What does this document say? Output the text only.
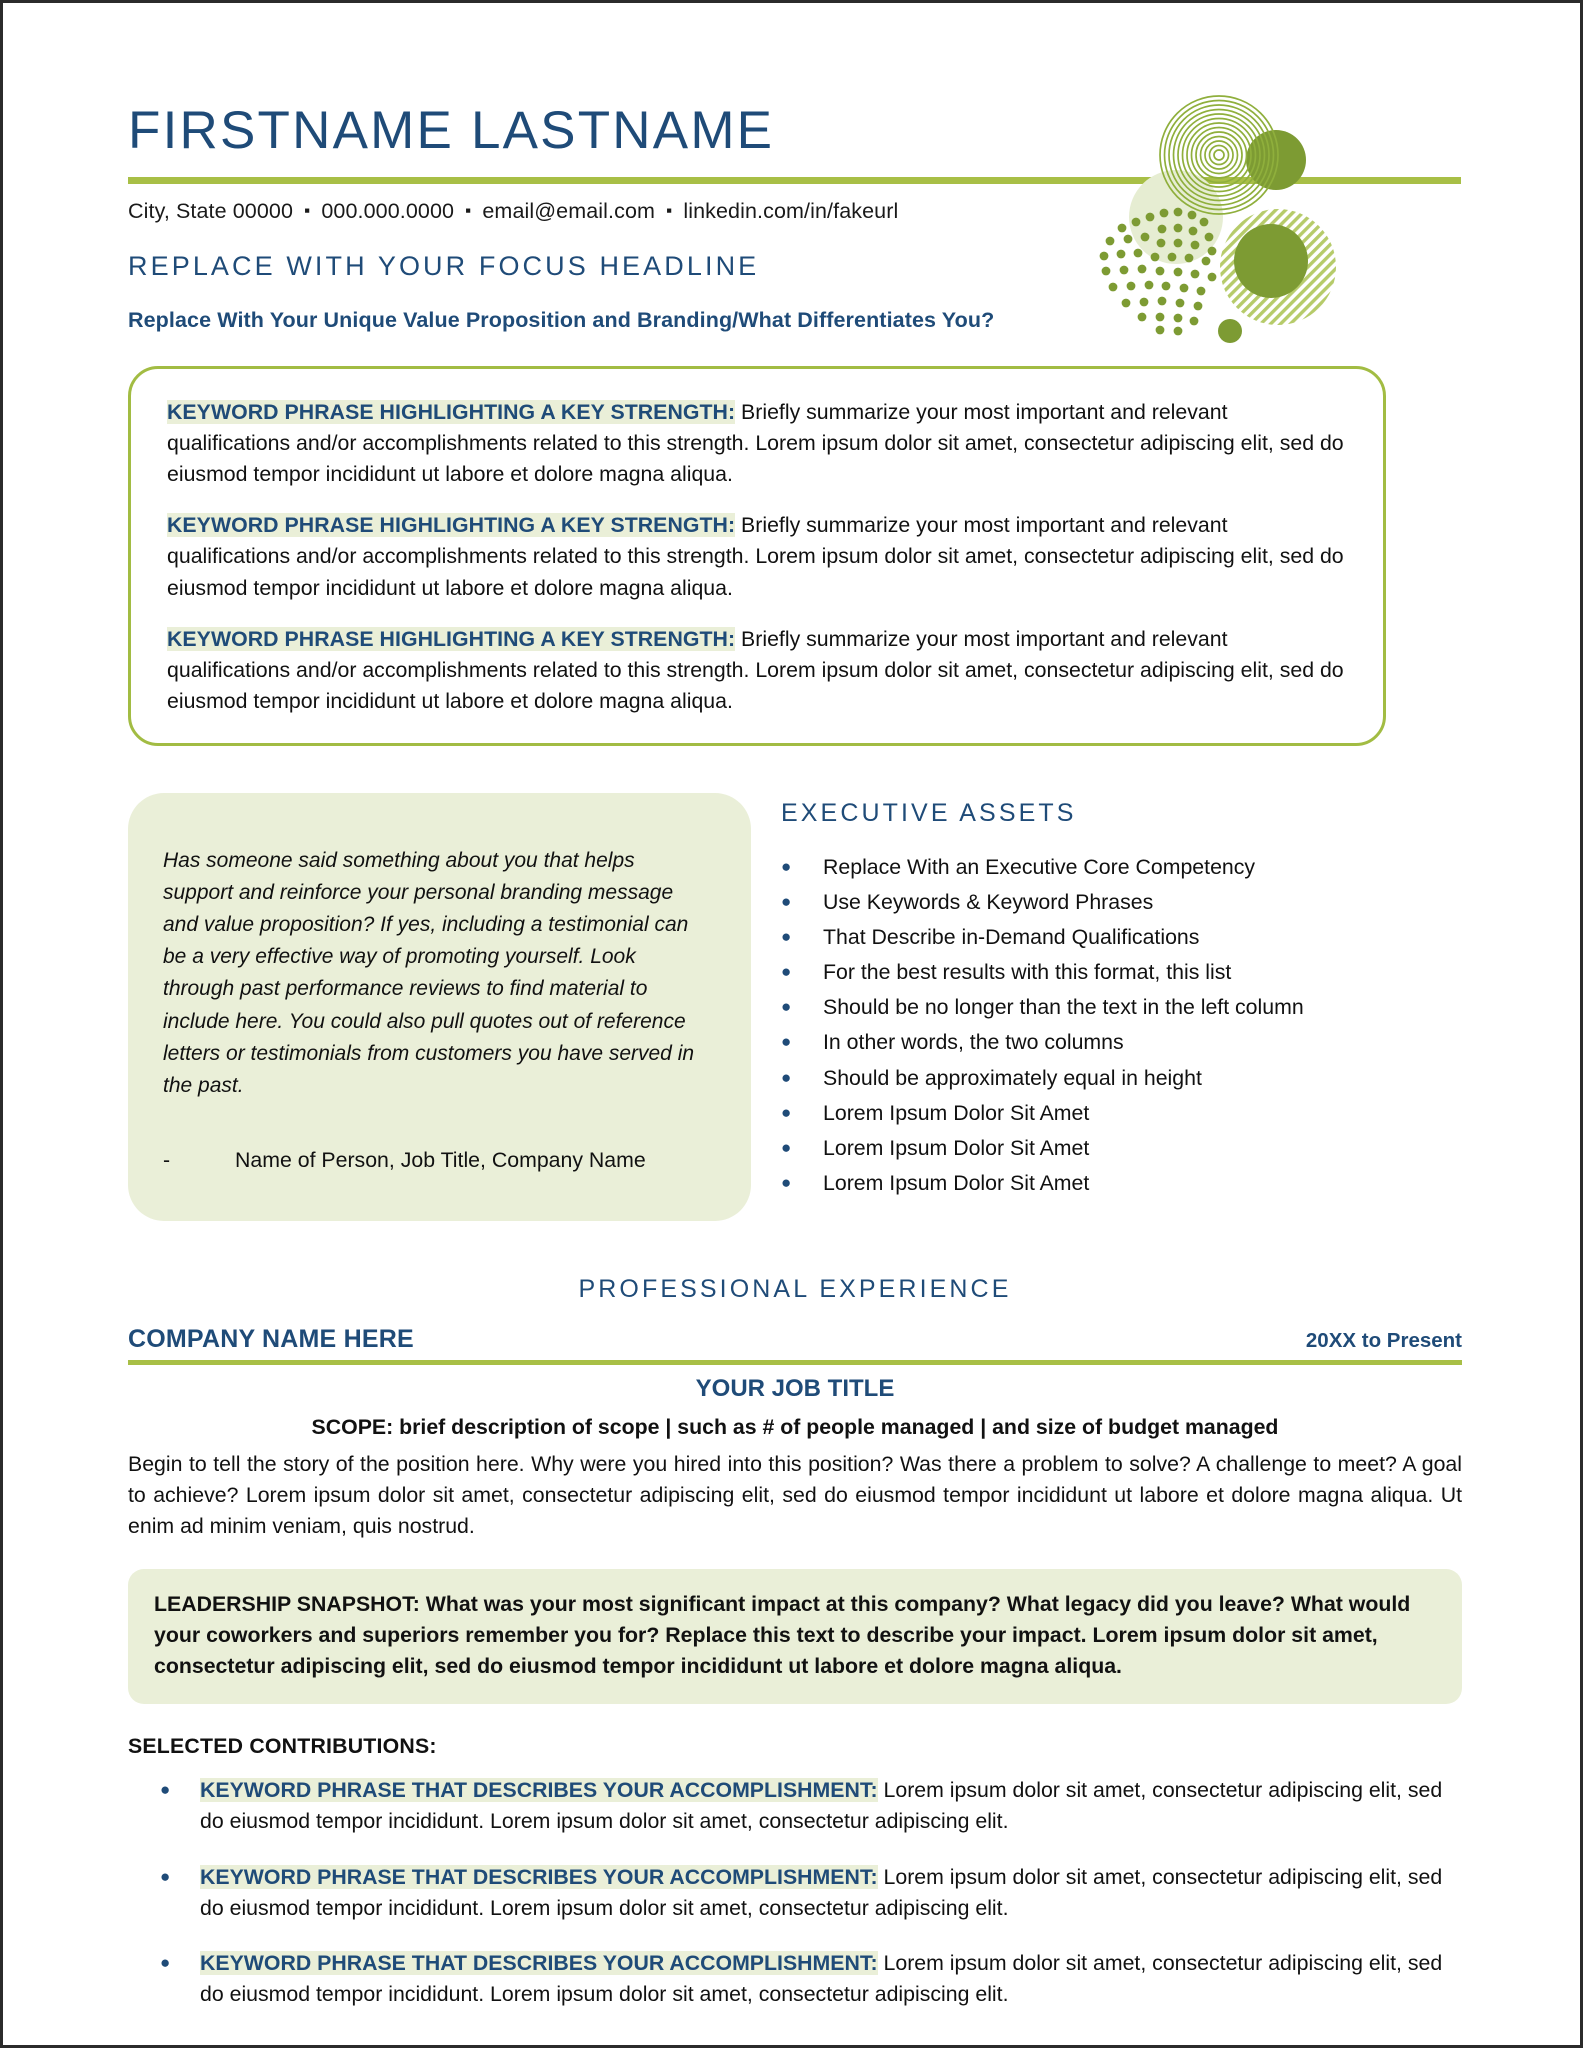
FIRSTNAME LASTNAME
City, State 00000 ▪ 000.000.0000 ▪ email@email.com ▪ linkedin.com/in/fakeurl
REPLACE WITH YOUR FOCUS HEADLINE
Replace With Your Unique Value Proposition and Branding/What Differentiates You?

KEYWORD PHRASE HIGHLIGHTING A KEY STRENGTH: Briefly summarize your most important and relevant qualifications and/or accomplishments related to this strength. Lorem ipsum dolor sit amet, consectetur adipiscing elit, sed do eiusmod tempor incididunt ut labore et dolore magna aliqua.

KEYWORD PHRASE HIGHLIGHTING A KEY STRENGTH: Briefly summarize your most important and relevant qualifications and/or accomplishments related to this strength. Lorem ipsum dolor sit amet, consectetur adipiscing elit, sed do eiusmod tempor incididunt ut labore et dolore magna aliqua.

KEYWORD PHRASE HIGHLIGHTING A KEY STRENGTH: Briefly summarize your most important and relevant qualifications and/or accomplishments related to this strength. Lorem ipsum dolor sit amet, consectetur adipiscing elit, sed do eiusmod tempor incididunt ut labore et dolore magna aliqua.

Has someone said something about you that helps support and reinforce your personal branding message and value proposition? If yes, including a testimonial can be a very effective way of promoting yourself. Look through past performance reviews to find material to include here. You could also pull quotes out of reference letters or testimonials from customers you have served in the past.

-	Name of Person, Job Title, Company Name
EXECUTIVE ASSETS
●	Replace With an Executive Core Competency
●	Use Keywords & Keyword Phrases
●	That Describe in-Demand Qualifications
●	For the best results with this format, this list
●	Should be no longer than the text in the left column
●	In other words, the two columns
●	Should be approximately equal in height
●	Lorem Ipsum Dolor Sit Amet
●	Lorem Ipsum Dolor Sit Amet
●	Lorem Ipsum Dolor Sit Amet
PROFESSIONAL EXPERIENCE
COMPANY NAME HERE	20XX to Present
YOUR JOB TITLE
SCOPE: brief description of scope | such as # of people managed | and size of budget managed
Begin to tell the story of the position here. Why were you hired into this position? Was there a problem to solve? A challenge to meet? A goal to achieve? Lorem ipsum dolor sit amet, consectetur adipiscing elit, sed do eiusmod tempor incididunt ut labore et dolore magna aliqua. Ut enim ad minim veniam, quis nostrud.
LEADERSHIP SNAPSHOT: What was your most significant impact at this company? What legacy did you leave? What would your coworkers and superiors remember you for? Replace this text to describe your impact. Lorem ipsum dolor sit amet, consectetur adipiscing elit, sed do eiusmod tempor incididunt ut labore et dolore magna aliqua.
SELECTED CONTRIBUTIONS:
●	KEYWORD PHRASE THAT DESCRIBES YOUR ACCOMPLISHMENT: Lorem ipsum dolor sit amet, consectetur adipiscing elit, sed do eiusmod tempor incididunt. Lorem ipsum dolor sit amet, consectetur adipiscing elit.
●	KEYWORD PHRASE THAT DESCRIBES YOUR ACCOMPLISHMENT: Lorem ipsum dolor sit amet, consectetur adipiscing elit, sed do eiusmod tempor incididunt. Lorem ipsum dolor sit amet, consectetur adipiscing elit.
●	KEYWORD PHRASE THAT DESCRIBES YOUR ACCOMPLISHMENT: Lorem ipsum dolor sit amet, consectetur adipiscing elit, sed do eiusmod tempor incididunt. Lorem ipsum dolor sit amet, consectetur adipiscing elit.
